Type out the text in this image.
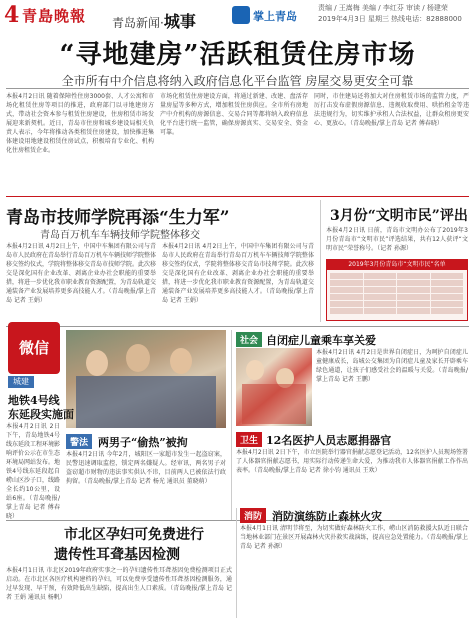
4 青島晚報 青岛新闻·城事	掌上青岛
责编 / 王嵩梅 美编 / 李红芬 审读 / 杨建荣
2019年4月3日 星期三 热线电话：82888000
“寻地建房”活跃租赁住房市场
全市所有中介信息将纳入政府信息化平台监管 房屋交易更安全可靠
本报4月2日讯 随着保障性住房3000套、人才公寓和市场化租赁住房等项目的推进，政府部门以寻地建房方式，带动社会资本参与租赁住房建设，住房租赁市场发展迎来新契机。近日，青岛市住房和城乡建设局相关负责人表示，今年将推动各类租赁住房建设，加快推进集体建设用地建设租赁住房试点，积极培育专业化、机构化住房租赁企业。
市场化租赁住房建设方面，将通过新建、改建、盘活存量房屋等多种方式，增加租赁住房供应。全市所有房地产中介机构的房源信息、交易合同等都将纳入政府信息化平台进行统一监管，确保房源真实、交易安全、资金可靠。
同时，市住建局还将加大对住房租赁市场的监管力度，严厉打击发布虚假房源信息、违规收取费用、哄抬租金等违法违规行为，切实维护承租人合法权益，让群众租房更安心、更放心。（青岛晚报/掌上青岛 记者 傅春晓）
青岛市技师学院再添“生力军”
青岛百万机车车辆技师学院整体移交
本报4月2日讯 4月2日上午，中国中车集团有限公司与青岛市人民政府在青岛举行青岛百万机车车辆技师学院整体移交签约仪式，学院将整体移交青岛市技师学院。此次移交是深化国有企业改革、剥离企业办社会职能的重要举措，将进一步优化我市职业教育资源配置，为青岛轨道交通装备产业发展培养更多高技能人才。（青岛晚报/掌上青岛 记者 王娟）
本报4月2日讯 4月2日上午，中国中车集团有限公司与青岛市人民政府在青岛举行青岛百万机车车辆技师学院整体移交签约仪式，学院将整体移交青岛市技师学院。此次移交是深化国有企业改革、剥离企业办社会职能的重要举措，将进一步优化我市职业教育资源配置，为青岛轨道交通装备产业发展培养更多高技能人才。（青岛晚报/掌上青岛 记者 王娟）
3月份“文明市民”评出
本报4月2日讯 日前，青岛市文明办公布了2019年3月份青岛市“文明市民”评选结果，共有12人获评“文明市民”荣誉称号。（记者 孙源）
2019年3月份青岛市“文明市民”名单
微信
城建
地铁4号线
东延段实施面
本报4月2日讯 2日下午，青岛地铁4号线东延段工程环境影响评价公示在市生态环境局网站发布。地铁4号线东延段起自崂山区沙子口，线路全长约10公里，设站6座。（青岛晚报/掌上青岛 记者 傅春晓）
警法 两男子“偷热”被拘
本报4月2日讯 今年2月，城阳区一家超市发生一起盗窃案，民警迅速调取监控，锁定两名嫌疑人。经审讯，两名男子对盗窃超市财物的违法事实供认不讳，目前两人已被依法行政拘留。（青岛晚报/掌上青岛 记者 杨光 通讯员 董晓萌）
社会 自闭症儿童乘车享关爱
本报4月2日讯 4月2日是世界自闭症日，为呵护自闭症儿童健康成长，岛城公交集团为自闭症儿童及家长开辟乘车绿色通道，让孩子们感受社会的温暖与关爱。（青岛晚报/掌上青岛 记者 王鹏）
卫生 12名医护人员志愿捐器官
本报4月2日讯 2日下午，市立医院举行器官捐献志愿登记活动，12名医护人员现场签署了人体器官捐献志愿书，用实际行动传递生命大爱，为推动我市人体器官捐献工作作出表率。（青岛晚报/掌上青岛 记者 徐小钧 通讯员 王欢）
市北区孕妇可免费进行
遗传性耳聋基因检测
本报4月1日讯 市北区2019年政府实事之一的孕妇遗传性耳聋基因免费检测项目正式启动。在市北区各医疗机构建档的孕妇，可以免费享受遗传性耳聋基因检测服务，通过早发现、早干预，有效降低出生缺陷，提高出生人口素质。（青岛晚报/掌上青岛 记者 王娟 通讯员 杨帆）
消防 消防演练防止森林火灾
本报4月1日讯 清明节将至，为切实做好森林防火工作，崂山区消防救援大队近日联合当地林业部门在景区开展森林火灾扑救实战演练，提高应急处置能力。（青岛晚报/掌上青岛 记者 孙源）
